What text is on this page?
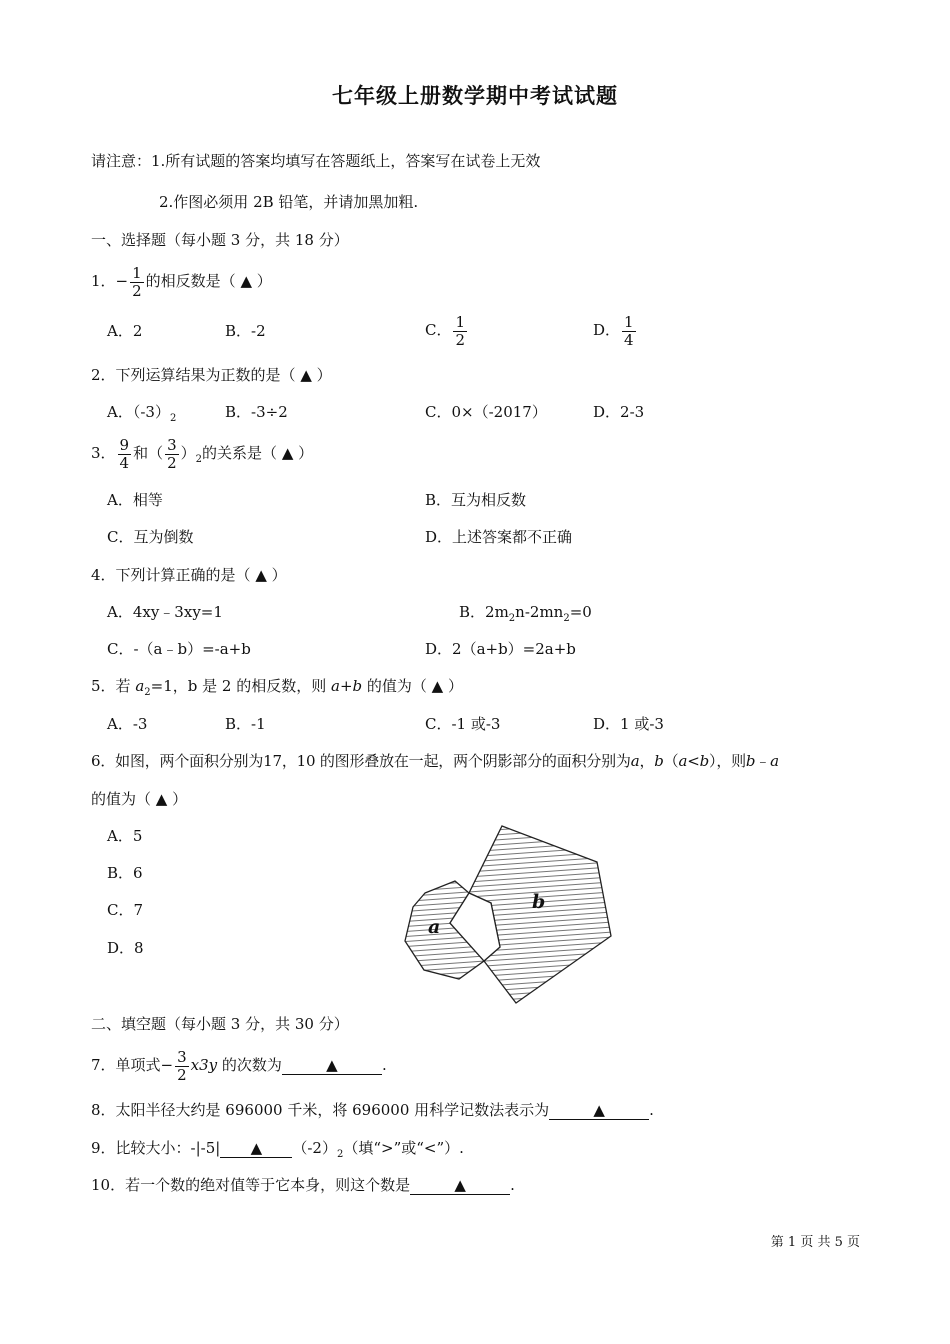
七年级上册数学期中考试试题
请注意：1.所有试题的答案均填写在答题纸上，答案写在试卷上无效
2.作图必须用 2B 铅笔，并请加黑加粗.
一、选择题（每小题 3 分，共 18 分）
1．− $\frac{1}{2}$ 的相反数是（ ▲ ）
A．2	B．-2	C． $\frac{1}{2}$	D． $\frac{1}{4}$
2．下列运算结果为正数的是（ ▲ ）
A．$(-3)_2$	B．-3÷2	C．0×（-2017）	D．2-3
3． $\frac{9}{4}$ 和（ $\frac{3}{2} )_2$的关系是（ ▲ ）
A．相等	B．互为相反数
C．互为倒数	D．上述答案都不正确
4．下列计算正确的是（ ▲ ）
A．4xy﹣3xy=1	B．$2m_2n-2mn_2=0$
C．-（a﹣b）=-a+b	D．2（a+b）=2a+b
5．若 $a_2=1$，b 是 2 的相反数，则 a+b 的值为（ ▲ ）
A．-3	B．-1	C．-1 或-3	D．1 或-3
6．如图，两个面积分别为17，10 的图形叠放在一起，两个阴影部分的面积分别为a，b（a<b），则b﹣a
的值为（ ▲ ）
A．5
B．6
C．7
D．8
a
b
二、填空题（每小题 3 分，共 30 分）
7．单项式− $\frac{3}{2} x3y$ 的次数为	▲	.
8．太阳半径大约是 696000 千米，将 696000 用科学记数法表示为	▲	.
9．比较大小：-|-5| ▲ $(-2)_2$（填“>”或“<”）.
10．若一个数的绝对值等于它本身，则这个数是	▲	.
第 1 页 共 5 页
